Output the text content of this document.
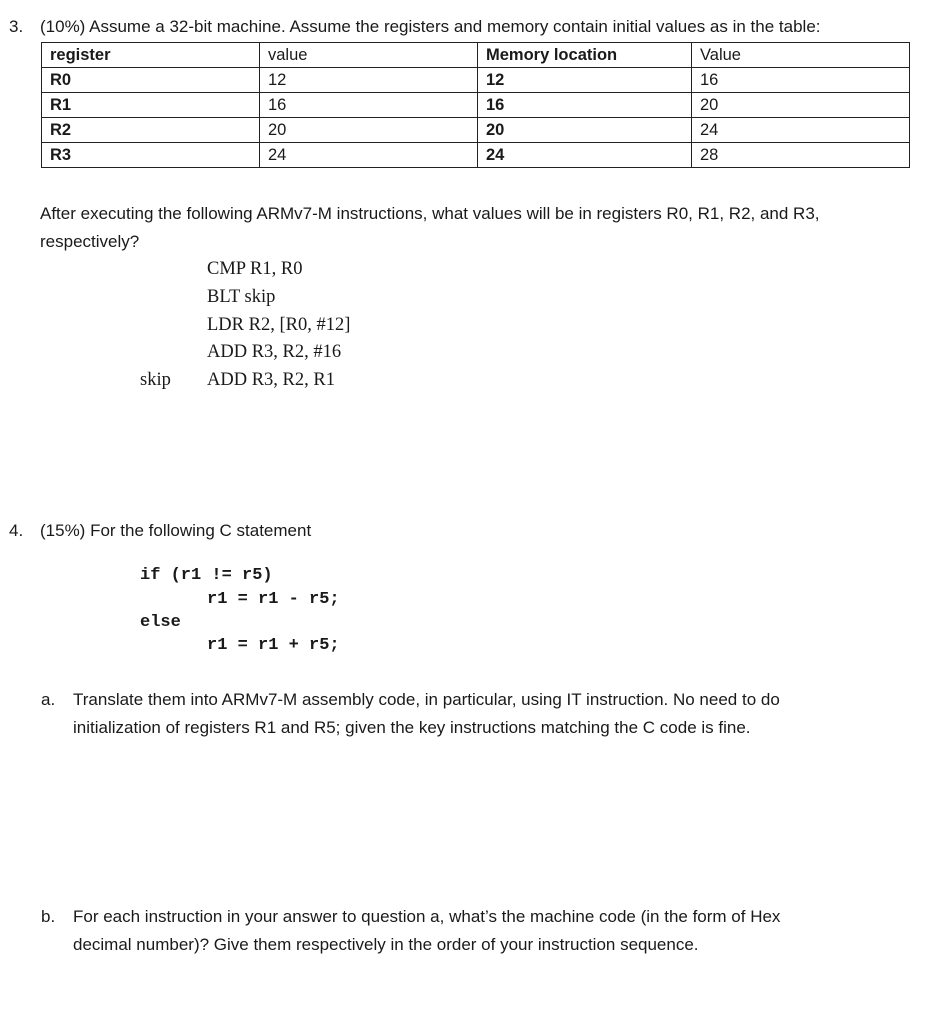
3. (10%) Assume a 32-bit machine. Assume the registers and memory contain initial values as in the table:
register	value	Memory location	Value
R0	12	12	16
R1	16	16	20
R2	20	20	24
R3	24	24	28
After executing the following ARMv7-M instructions, what values will be in registers R0, R1, R2, and R3,
respectively?
CMP R1, R0
BLT skip
LDR R2, [R0, #12]
ADD R3, R2, #16
skip ADD R3, R2, R1
4. (15%) For the following C statement
if (r1 != r5)
r1 = r1 - r5;
else
r1 = r1 + r5;
a. Translate them into ARMv7-M assembly code, in particular, using IT instruction. No need to do
initialization of registers R1 and R5; given the key instructions matching the C code is fine.
b. For each instruction in your answer to question a, what’s the machine code (in the form of Hex
decimal number)? Give them respectively in the order of your instruction sequence.
